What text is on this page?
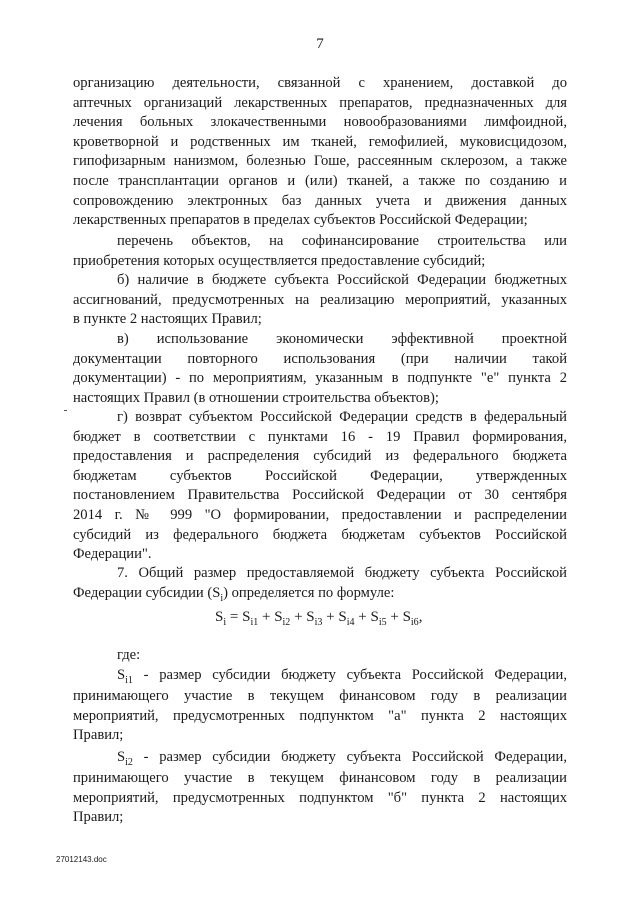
7
организацию деятельности, связанной с хранением, доставкой до
аптечных организаций лекарственных препаратов, предназначенных для
лечения больных злокачественными новообразованиями лимфоидной,
кроветворной и родственных им тканей, гемофилией, муковисцидозом,
гипофизарным нанизмом, болезнью Гоше, рассеянным склерозом, а также
после трансплантации органов и (или) тканей, а также по созданию и
сопровождению электронных баз данных учета и движения данных
лекарственных препаратов в пределах субъектов Российской Федерации;
перечень объектов, на софинансирование строительства или
приобретения которых осуществляется предоставление субсидий;
б) наличие в бюджете субъекта Российской Федерации бюджетных
ассигнований, предусмотренных на реализацию мероприятий, указанных
в пункте 2 настоящих Правил;
в) использование экономически эффективной проектной
документации повторного использования (при наличии такой
документации) - по мероприятиям, указанным в подпункте "е" пункта 2
настоящих Правил (в отношении строительства объектов);
г) возврат субъектом Российской Федерации средств в федеральный
бюджет в соответствии с пунктами 16 - 19 Правил формирования,
предоставления и распределения субсидий из федерального бюджета
бюджетам субъектов Российской Федерации, утвержденных
постановлением Правительства Российской Федерации от 30 сентября
2014 г. № 999 "О формировании, предоставлении и распределении
субсидий из федерального бюджета бюджетам субъектов Российской
Федерации".
7. Общий размер предоставляемой бюджету субъекта Российской
Федерации субсидии $(S_i)$ определяется по формуле:
$S_i = S_{i1} + S_{i2} + S_{i3} + S_{i4} + S_{i5} + S_{i6}$,
где:
$S_{i1}$ - размер субсидии бюджету субъекта Российской Федерации,
принимающего участие в текущем финансовом году в реализации
мероприятий, предусмотренных подпунктом "а" пункта 2 настоящих
Правил;
$S_{i2}$ - размер субсидии бюджету субъекта Российской Федерации,
принимающего участие в текущем финансовом году в реализации
мероприятий, предусмотренных подпунктом "б" пункта 2 настоящих
Правил;
27012143.doc
